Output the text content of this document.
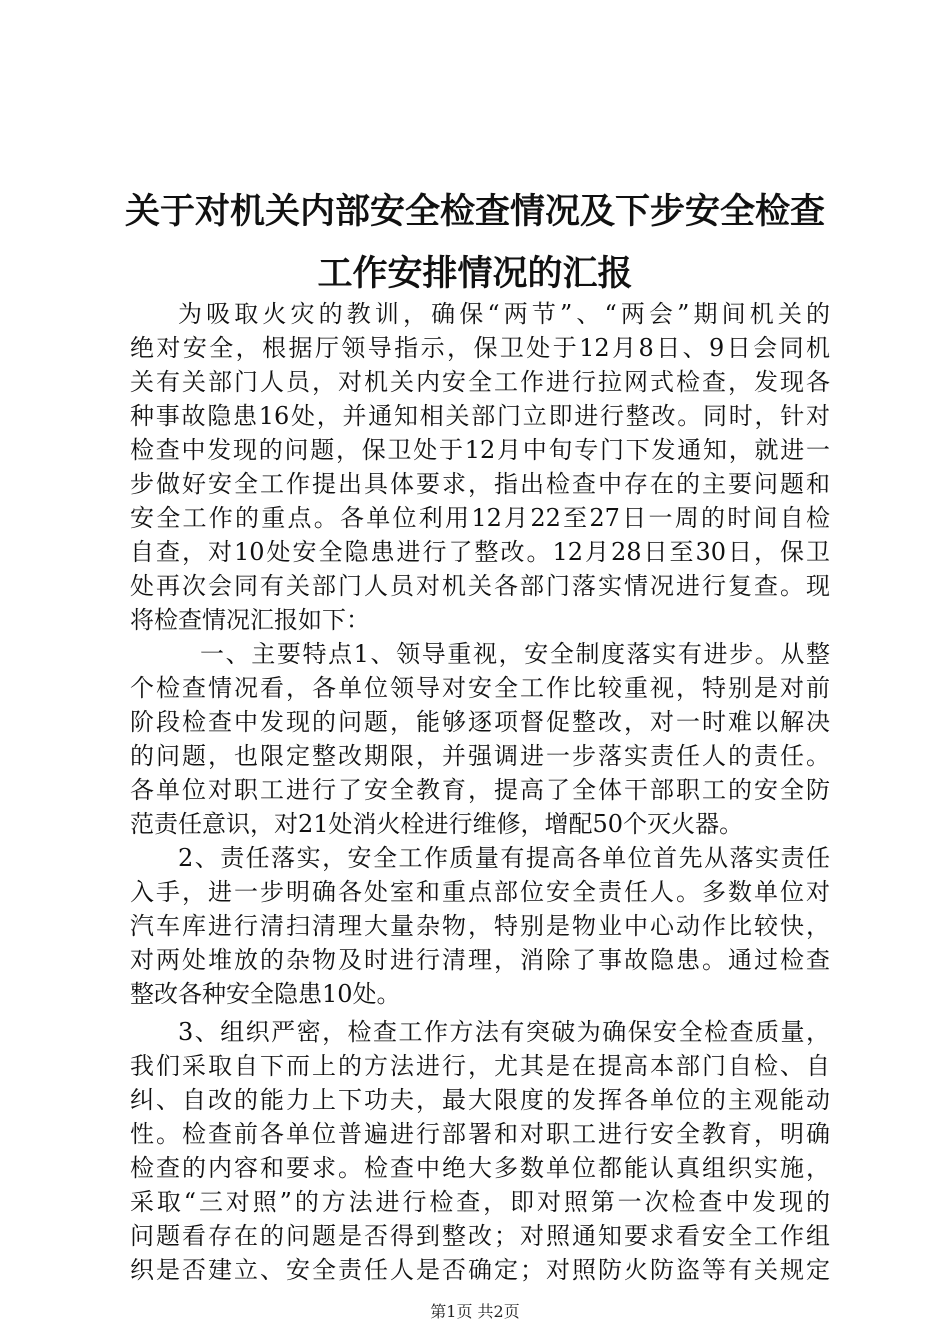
关于对机关内部安全检查情况及下步安全检查
工作安排情况的汇报
为吸取火灾的教训，确保“两节”、“两会”期间机关的
绝对安全，根据厅领导指示，保卫处于12月8日、9日会同机
关有关部门人员，对机关内安全工作进行拉网式检查，发现各
种事故隐患16处，并通知相关部门立即进行整改。同时，针对
检查中发现的问题，保卫处于12月中旬专门下发通知，就进一
步做好安全工作提出具体要求，指出检查中存在的主要问题和
安全工作的重点。各单位利用12月22至27日一周的时间自检
自查，对10处安全隐患进行了整改。12月28日至30日，保卫
处再次会同有关部门人员对机关各部门落实情况进行复查。现
将检查情况汇报如下：
一、主要特点1、领导重视，安全制度落实有进步。从整
个检查情况看，各单位领导对安全工作比较重视，特别是对前
阶段检查中发现的问题，能够逐项督促整改，对一时难以解决
的问题，也限定整改期限，并强调进一步落实责任人的责任。
各单位对职工进行了安全教育，提高了全体干部职工的安全防
范责任意识，对21处消火栓进行维修，增配50个灭火器。
2、责任落实，安全工作质量有提高各单位首先从落实责任
入手，进一步明确各处室和重点部位安全责任人。多数单位对
汽车库进行清扫清理大量杂物，特别是物业中心动作比较快，
对两处堆放的杂物及时进行清理，消除了事故隐患。通过检查
整改各种安全隐患10处。
3、组织严密，检查工作方法有突破为确保安全检查质量，
我们采取自下而上的方法进行，尤其是在提高本部门自检、自
纠、自改的能力上下功夫，最大限度的发挥各单位的主观能动
性。检查前各单位普遍进行部署和对职工进行安全教育，明确
检查的内容和要求。检查中绝大多数单位都能认真组织实施，
采取“三对照”的方法进行检查，即对照第一次检查中发现的
问题看存在的问题是否得到整改；对照通知要求看安全工作组
织是否建立、安全责任人是否确定；对照防火防盗等有关规定
第1页 共2页
